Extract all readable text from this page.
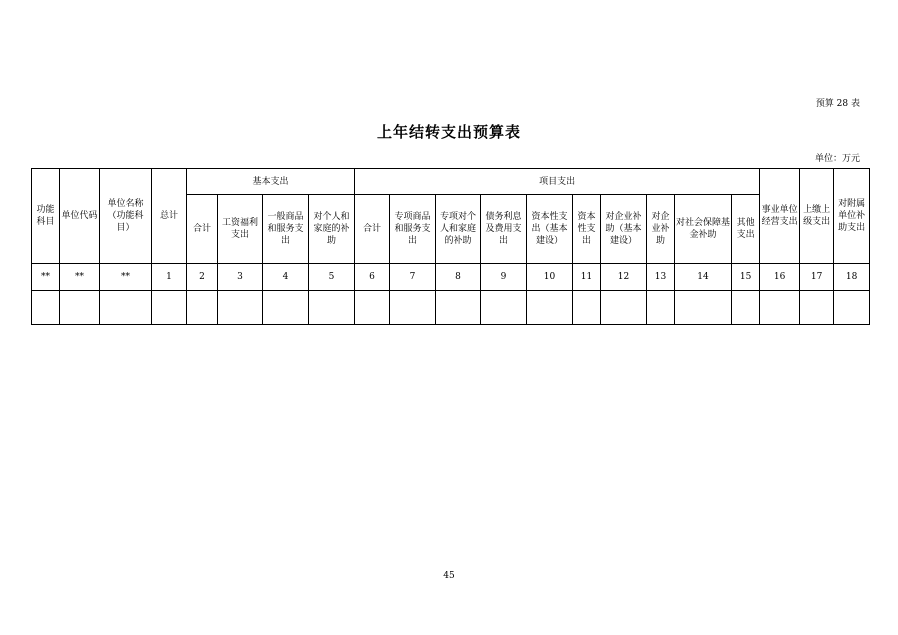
预算 28 表
上年结转支出预算表
单位：万元
功能科目	单位代码	单位名称（功能科目）	总计	基本支出				项目支出										事业单位经营支出	上缴上级支出	对附属单位补助支出
				合计	工资福利支出	一般商品和服务支出	对个人和家庭的补助	合计	专项商品和服务支出	专项对个人和家庭的补助	债务利息及费用支出	资本性支出（基本建设）	资本性支出	对企业补助（基本建设）	对企业补助	对社会保障基金补助	其他支出			
**	**	**	1	2	3	4	5	6	7	8	9	10	11	12	13	14	15	16	17	18

45
